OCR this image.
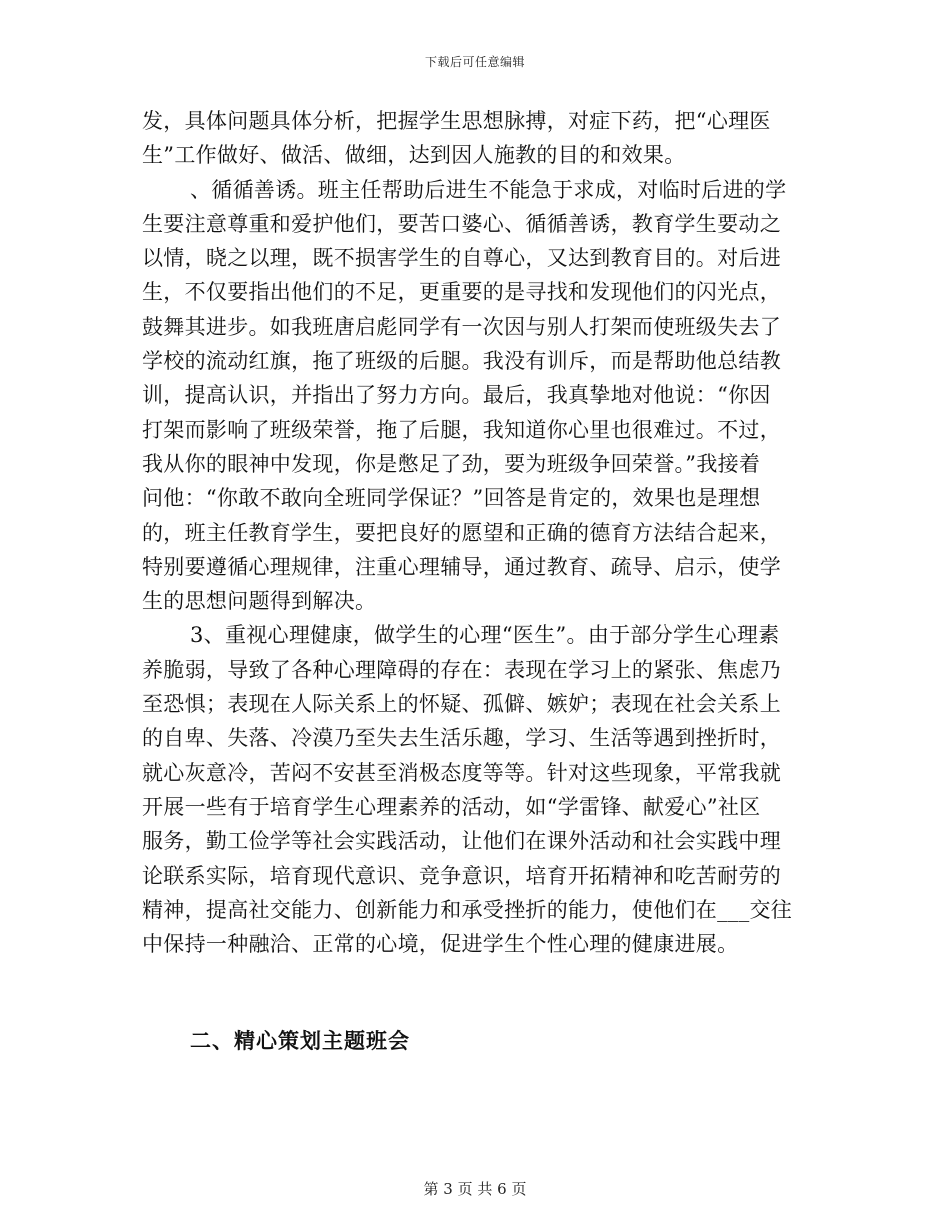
下载后可任意编辑
发，具体问题具体分析，把握学生思想脉搏，对症下药，把“心理医
生”工作做好、做活、做细，达到因人施教的目的和效果。
、循循善诱。班主任帮助后进生不能急于求成，对临时后进的学
生要注意尊重和爱护他们，要苦口婆心、循循善诱，教育学生要动之
以情，晓之以理，既不损害学生的自尊心，又达到教育目的。对后进
生，不仅要指出他们的不足，更重要的是寻找和发现他们的闪光点，
鼓舞其进步。如我班唐启彪同学有一次因与别人打架而使班级失去了
学校的流动红旗，拖了班级的后腿。我没有训斥，而是帮助他总结教
训，提高认识，并指出了努力方向。最后，我真挚地对他说：“你因
打架而影响了班级荣誉，拖了后腿，我知道你心里也很难过。不过，
我从你的眼神中发现，你是憋足了劲，要为班级争回荣誉。”我接着
问他：“你敢不敢向全班同学保证？”回答是肯定的，效果也是理想
的，班主任教育学生，要把良好的愿望和正确的德育方法结合起来，
特别要遵循心理规律，注重心理辅导，通过教育、疏导、启示，使学
生的思想问题得到解决。
3、重视心理健康，做学生的心理“医生”。由于部分学生心理素
养脆弱，导致了各种心理障碍的存在：表现在学习上的紧张、焦虑乃
至恐惧；表现在人际关系上的怀疑、孤僻、嫉妒；表现在社会关系上
的自卑、失落、冷漠乃至失去生活乐趣，学习、生活等遇到挫折时，
就心灰意冷，苦闷不安甚至消极态度等等。针对这些现象，平常我就
开展一些有于培育学生心理素养的活动，如“学雷锋、献爱心”社区
服务，勤工俭学等社会实践活动，让他们在课外活动和社会实践中理
论联系实际，培育现代意识、竞争意识，培育开拓精神和吃苦耐劳的
精神，提高社交能力、创新能力和承受挫折的能力，使他们在___交往
中保持一种融洽、正常的心境，促进学生个性心理的健康进展。
二、精心策划主题班会
第 3 页 共 6 页
